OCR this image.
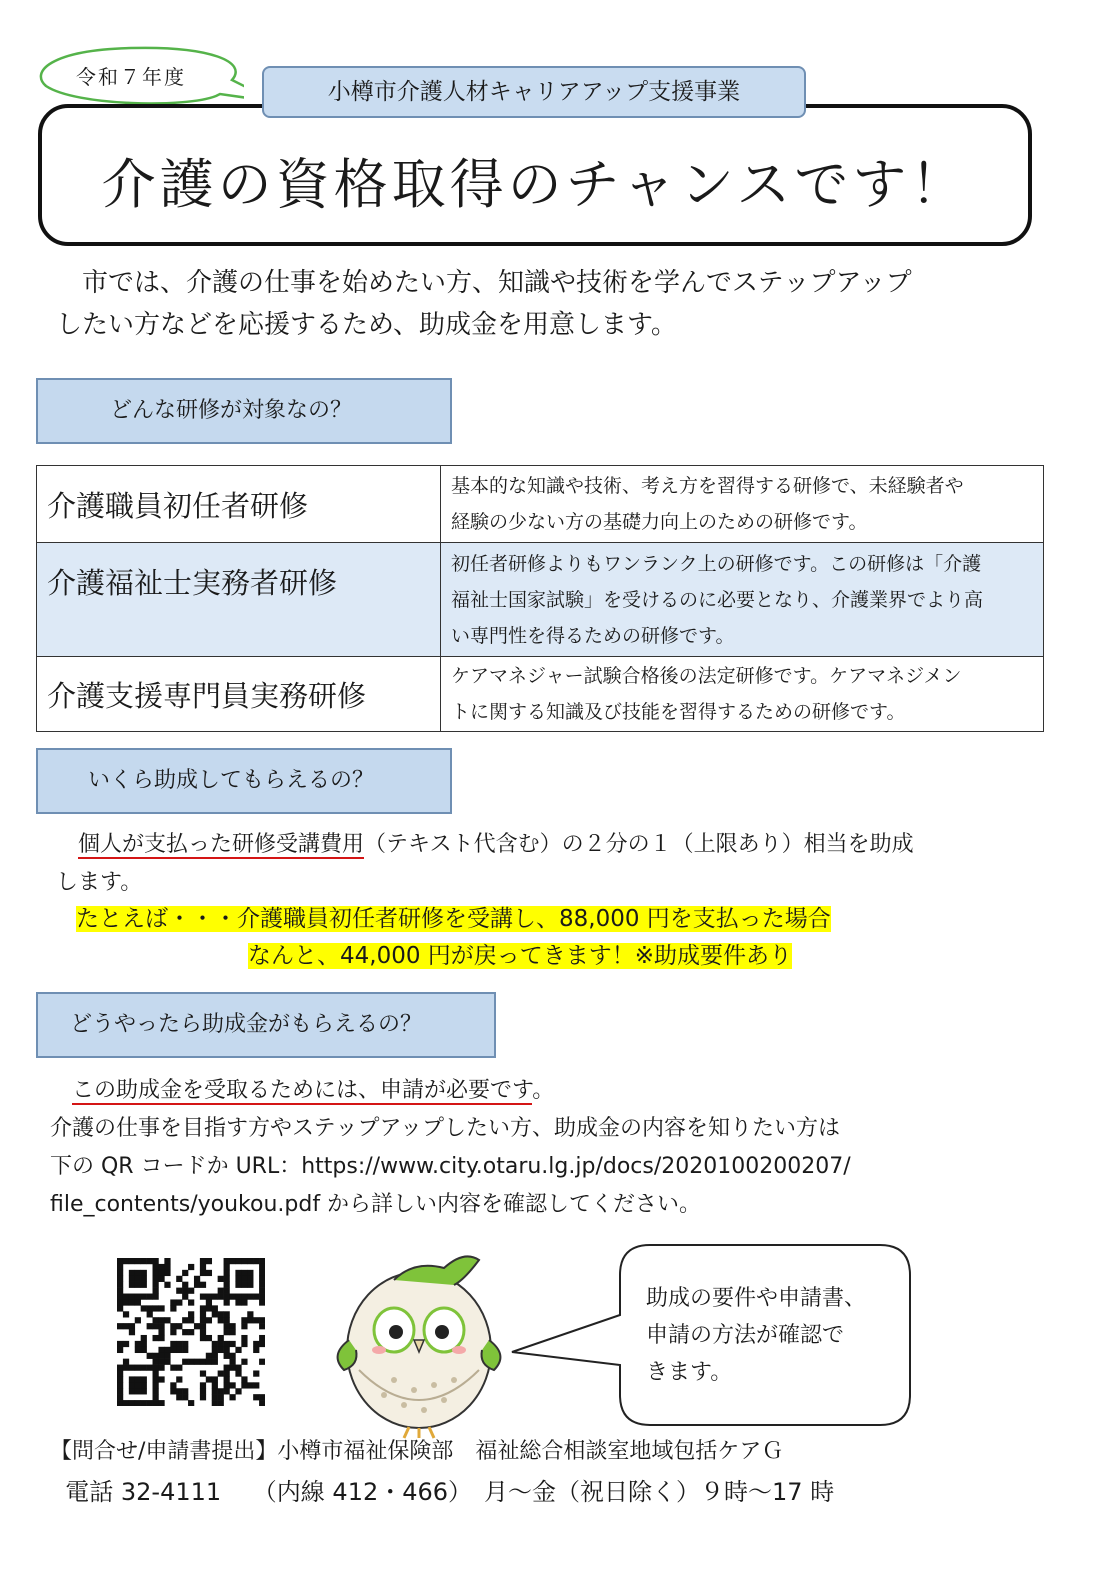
令和７年度
小樽市介護人材キャリアアップ支援事業
介護の資格取得のチャンスです！
　市では、介護の仕事を始めたい方、知識や技術を学んでステップアップ
したい方などを応援するため、助成金を用意します。
どんな研修が対象なの？
介護職員初任者研修	基本的な知識や技術、考え方を習得する研修で、未経験者や
経験の少ない方の基礎力向上のための研修です。

介護福祉士実務者研修	初任者研修よりもワンランク上の研修です。この研修は「介護
福祉士国家試験」を受けるのに必要となり、介護業界でより高
い専門性を得るための研修です。

介護支援専門員実務研修	ケアマネジャー試験合格後の法定研修です。ケアマネジメン
トに関する知識及び技能を習得するための研修です。
いくら助成してもらえるの？
　個人が支払った研修受講費用（テキスト代含む）の２分の１（上限あり）相当を助成
します。
たとえば・・・介護職員初任者研修を受講し、88,000 円を支払った場合
なんと、44,000 円が戻ってきます！※助成要件あり
どうやったら助成金がもらえるの？
　この助成金を受取るためには、申請が必要です。
介護の仕事を目指す方やステップアップしたい方、助成金の内容を知りたい方は
下の QR コードか URL：https://www.city.otaru.lg.jp/docs/2020100200207/
file_contents/youkou.pdf から詳しい内容を確認してください。
助成の要件や申請書、
申請の方法が確認で
きます。
【問合せ/申請書提出】小樽市福祉保険部　福祉総合相談室地域包括ケアＧ
電話 32-4111　 （内線 412・466）　月～金（祝日除く）９時～17 時
